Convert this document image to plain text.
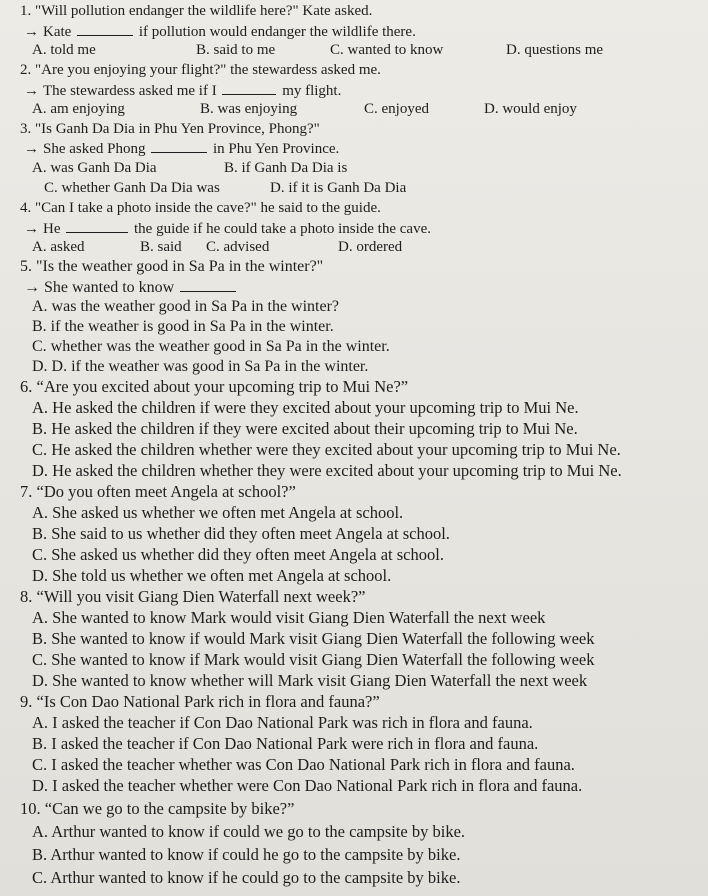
1. "Will pollution endanger the wildlife here?" Kate asked.
→ Kate	if pollution would endanger the wildlife there.
A. told me	B. said to me	C. wanted to know	D. questions me
2. "Are you enjoying your flight?" the stewardess asked me.
→ The stewardess asked me if I	my flight.
A. am enjoying	B. was enjoying	C. enjoyed	D. would enjoy
3. "Is Ganh Da Dia in Phu Yen Province, Phong?"
→ She asked Phong	in Phu Yen Province.
A. was Ganh Da Dia	B. if Ganh Da Dia is
C. whether Ganh Da Dia was	D. if it is Ganh Da Dia
4. "Can I take a photo inside the cave?" he said to the guide.
→ He	the guide if he could take a photo inside the cave.
A. asked	B. said C. advised	D. ordered
5. "Is the weather good in Sa Pa in the winter?"
→ She wanted to know
A. was the weather good in Sa Pa in the winter?
B. if the weather is good in Sa Pa in the winter.
C. whether was the weather good in Sa Pa in the winter.
D. D. if the weather was good in Sa Pa in the winter.
6. “Are you excited about your upcoming trip to Mui Ne?”
A. He asked the children if were they excited about your upcoming trip to Mui Ne.
B. He asked the children if they were excited about their upcoming trip to Mui Ne.
C. He asked the children whether were they excited about your upcoming trip to Mui Ne.
D. He asked the children whether they were excited about your upcoming trip to Mui Ne.
7. “Do you often meet Angela at school?”
A. She asked us whether we often met Angela at school.
B. She said to us whether did they often meet Angela at school.
C. She asked us whether did they often meet Angela at school.
D. She told us whether we often met Angela at school.
8. “Will you visit Giang Dien Waterfall next week?”
A. She wanted to know Mark would visit Giang Dien Waterfall the next week
B. She wanted to know if would Mark visit Giang Dien Waterfall the following week
C. She wanted to know if Mark would visit Giang Dien Waterfall the following week
D. She wanted to know whether will Mark visit Giang Dien Waterfall the next week
9. “Is Con Dao National Park rich in flora and fauna?”
A. I asked the teacher if Con Dao National Park was rich in flora and fauna.
B. I asked the teacher if Con Dao National Park were rich in flora and fauna.
C. I asked the teacher whether was Con Dao National Park rich in flora and fauna.
D. I asked the teacher whether were Con Dao National Park rich in flora and fauna.
10. “Can we go to the campsite by bike?”
A. Arthur wanted to know if could we go to the campsite by bike.
B. Arthur wanted to know if could he go to the campsite by bike.
C. Arthur wanted to know if he could go to the campsite by bike.
